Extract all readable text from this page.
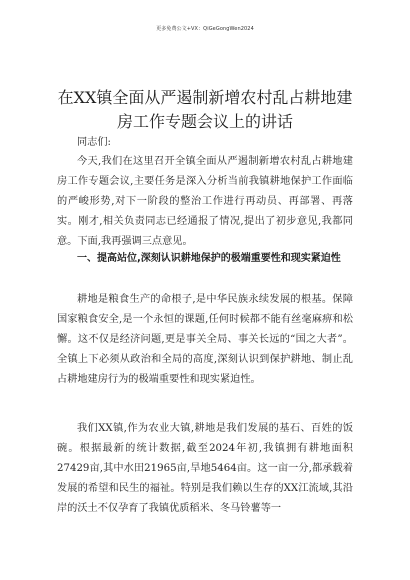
更多免费公文+VX：QiGeGongWen2024
在XX镇全面从严遏制新增农村乱占耕地建房工作专题会议上的讲话
同志们:
今天,我们在这里召开全镇全面从严遏制新增农村乱占耕地建房工作专题会议,主要任务是深入分析当前我镇耕地保护工作面临的严峻形势,对下一阶段的整治工作进行再动员、再部署、再落实。刚才,相关负责同志已经通报了情况,提出了初步意见,我都同意。下面,我再强调三点意见。
一、提高站位,深刻认识耕地保护的极端重要性和现实紧迫性
耕地是粮食生产的命根子,是中华民族永续发展的根基。保障国家粮食安全,是一个永恒的课题,任何时候都不能有丝毫麻痹和松懈。这不仅是经济问题,更是事关全局、事关长远的“国之大者”。全镇上下必须从政治和全局的高度,深刻认识到保护耕地、制止乱占耕地建房行为的极端重要性和现实紧迫性。
我们XX镇,作为农业大镇,耕地是我们发展的基石、百姓的饭碗。根据最新的统计数据,截至2024年初,我镇拥有耕地面积27429亩,其中水田21965亩,旱地5464亩。这一亩一分,都承载着发展的希望和民生的福祉。特别是我们赖以生存的XX江流域,其沿岸的沃土不仅孕育了我镇优质稻米、冬马铃薯等一
